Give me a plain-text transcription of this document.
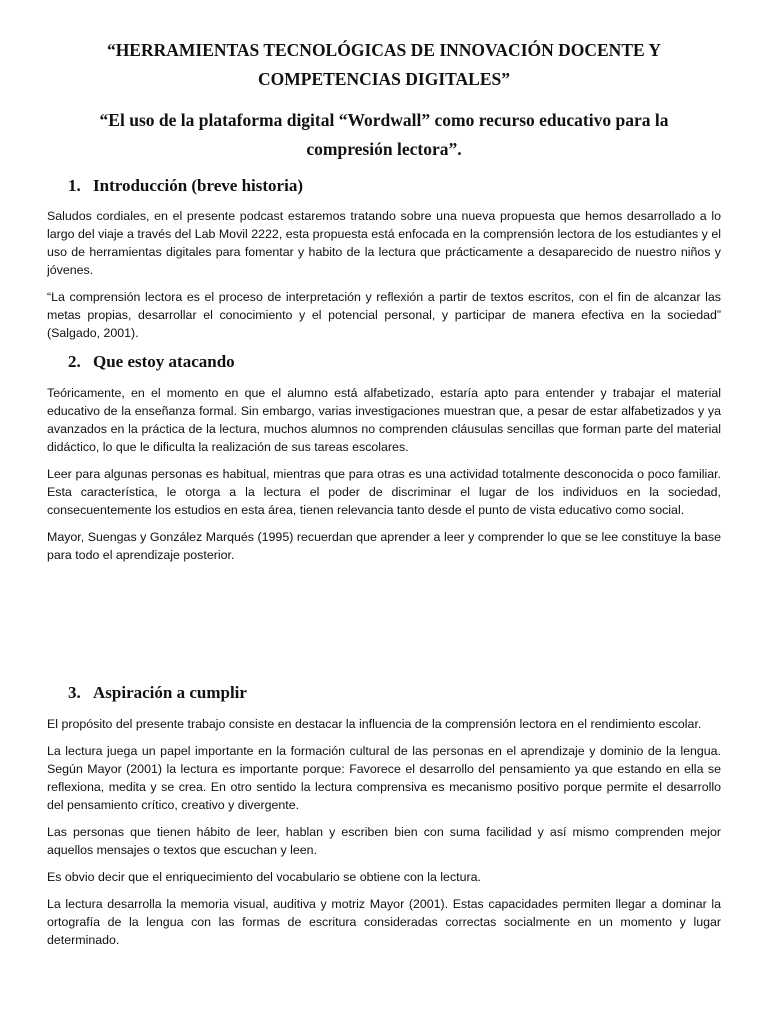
“HERRAMIENTAS TECNOLÓGICAS DE INNOVACIÓN DOCENTE Y COMPETENCIAS DIGITALES”
“El uso de la plataforma digital “Wordwall” como recurso educativo para la compresión lectora”.
1. Introducción (breve historia)

Saludos cordiales, en el presente podcast estaremos tratando sobre una nueva propuesta que hemos desarrollado a lo largo del viaje a través del Lab Movil 2222, esta propuesta está enfocada en la comprensión lectora de los estudiantes y el uso de herramientas digitales para fomentar y habito de la lectura que prácticamente a desaparecido de nuestro niños y jóvenes.

“La comprensión lectora es el proceso de interpretación y reflexión a partir de textos escritos, con el fin de alcanzar las metas propias, desarrollar el conocimiento y el potencial personal, y participar de manera efectiva en la sociedad” (Salgado, 2001).

2. Que estoy atacando

Teóricamente, en el momento en que el alumno está alfabetizado, estaría apto para entender y trabajar el material educativo de la enseñanza formal. Sin embargo, varias investigaciones muestran que, a pesar de estar alfabetizados y ya avanzados en la práctica de la lectura, muchos alumnos no comprenden cláusulas sencillas que forman parte del material didáctico, lo que le dificulta la realización de sus tareas escolares.

Leer para algunas personas es habitual, mientras que para otras es una actividad totalmente desconocida o poco familiar. Esta característica, le otorga a la lectura el poder de discriminar el lugar de los individuos en la sociedad, consecuentemente los estudios en esta área, tienen relevancia tanto desde el punto de vista educativo como social.

Mayor, Suengas y González Marqués (1995) recuerdan que aprender a leer y comprender lo que se lee constituye la base para todo el aprendizaje posterior.

3. Aspiración a cumplir

El propósito del presente trabajo consiste en destacar la influencia de la comprensión lectora en el rendimiento escolar.

La lectura juega un papel importante en la formación cultural de las personas en el aprendizaje y dominio de la lengua. Según Mayor (2001) la lectura es importante porque: Favorece el desarrollo del pensamiento ya que estando en ella se reflexiona, medita y se crea. En otro sentido la lectura comprensiva es mecanismo positivo porque permite el desarrollo del pensamiento crítico, creativo y divergente.

Las personas que tienen hábito de leer, hablan y escriben bien con suma facilidad y así mismo comprenden mejor aquellos mensajes o textos que escuchan y leen.

Es obvio decir que el enriquecimiento del vocabulario se obtiene con la lectura.

La lectura desarrolla la memoria visual, auditiva y motriz Mayor (2001). Estas capacidades permiten llegar a dominar la ortografía de la lengua con las formas de escritura consideradas correctas socialmente en un momento y lugar determinado.
